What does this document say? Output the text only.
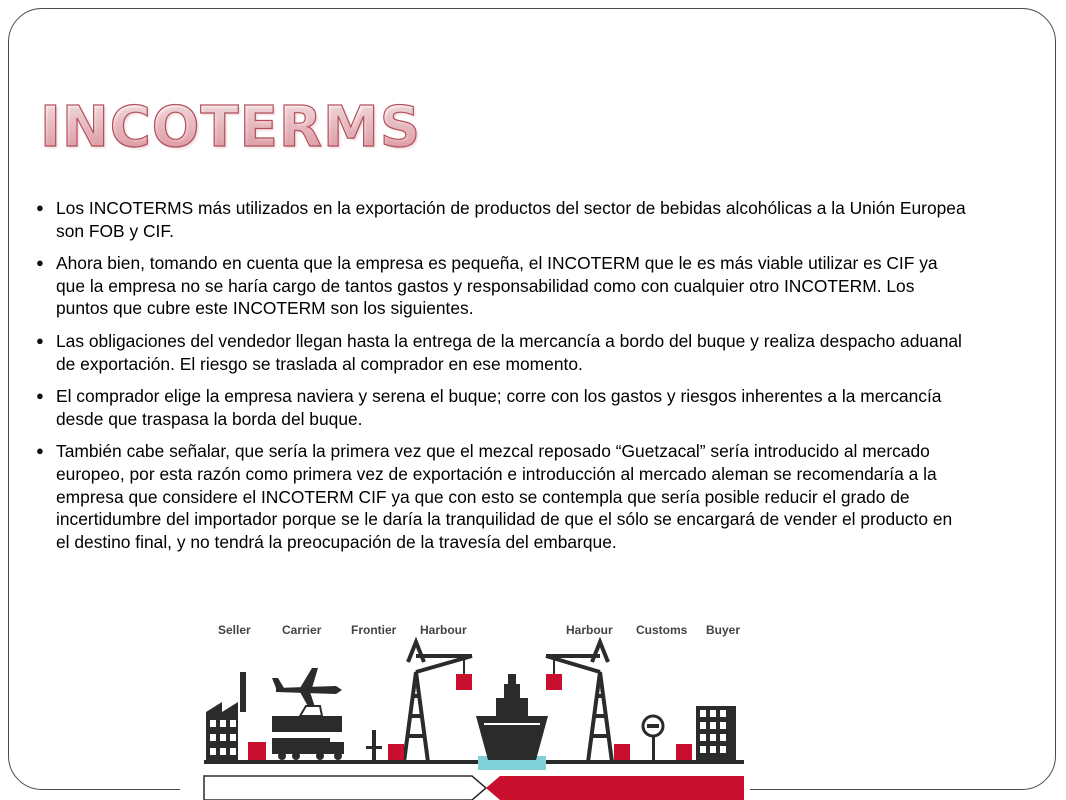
INCOTERMS
● Los INCOTERMS más utilizados en la exportación de productos del sector de bebidas alcohólicas a la Unión Europea son FOB y CIF.
● Ahora bien, tomando en cuenta que la empresa es pequeña, el INCOTERM que le es más viable utilizar es CIF ya que la empresa no se haría cargo de tantos gastos y responsabilidad como con cualquier otro INCOTERM. Los puntos que cubre este INCOTERM son los siguientes.
● Las obligaciones del vendedor llegan hasta la entrega de la mercancía a bordo del buque y realiza despacho aduanal de exportación. El riesgo se traslada al comprador en ese momento.
● El comprador elige la empresa naviera y serena el buque; corre con los gastos y riesgos inherentes a la mercancía desde que traspasa la borda del buque.
● También cabe señalar, que sería la primera vez que el mezcal reposado “Guetzacal” sería introducido al mercado europeo, por esta razón como primera vez de exportación e introducción al mercado aleman se recomendaría a la empresa que considere el INCOTERM CIF ya que con esto se contempla que sería posible reducir el grado de incertidumbre del importador porque se le daría la tranquilidad de que el sólo se encargará de vender el producto en el destino final, y no tendrá la preocupación de la travesía del embarque.
Seller	Carrier Frontier Harbour	Harbour Customs Buyer
